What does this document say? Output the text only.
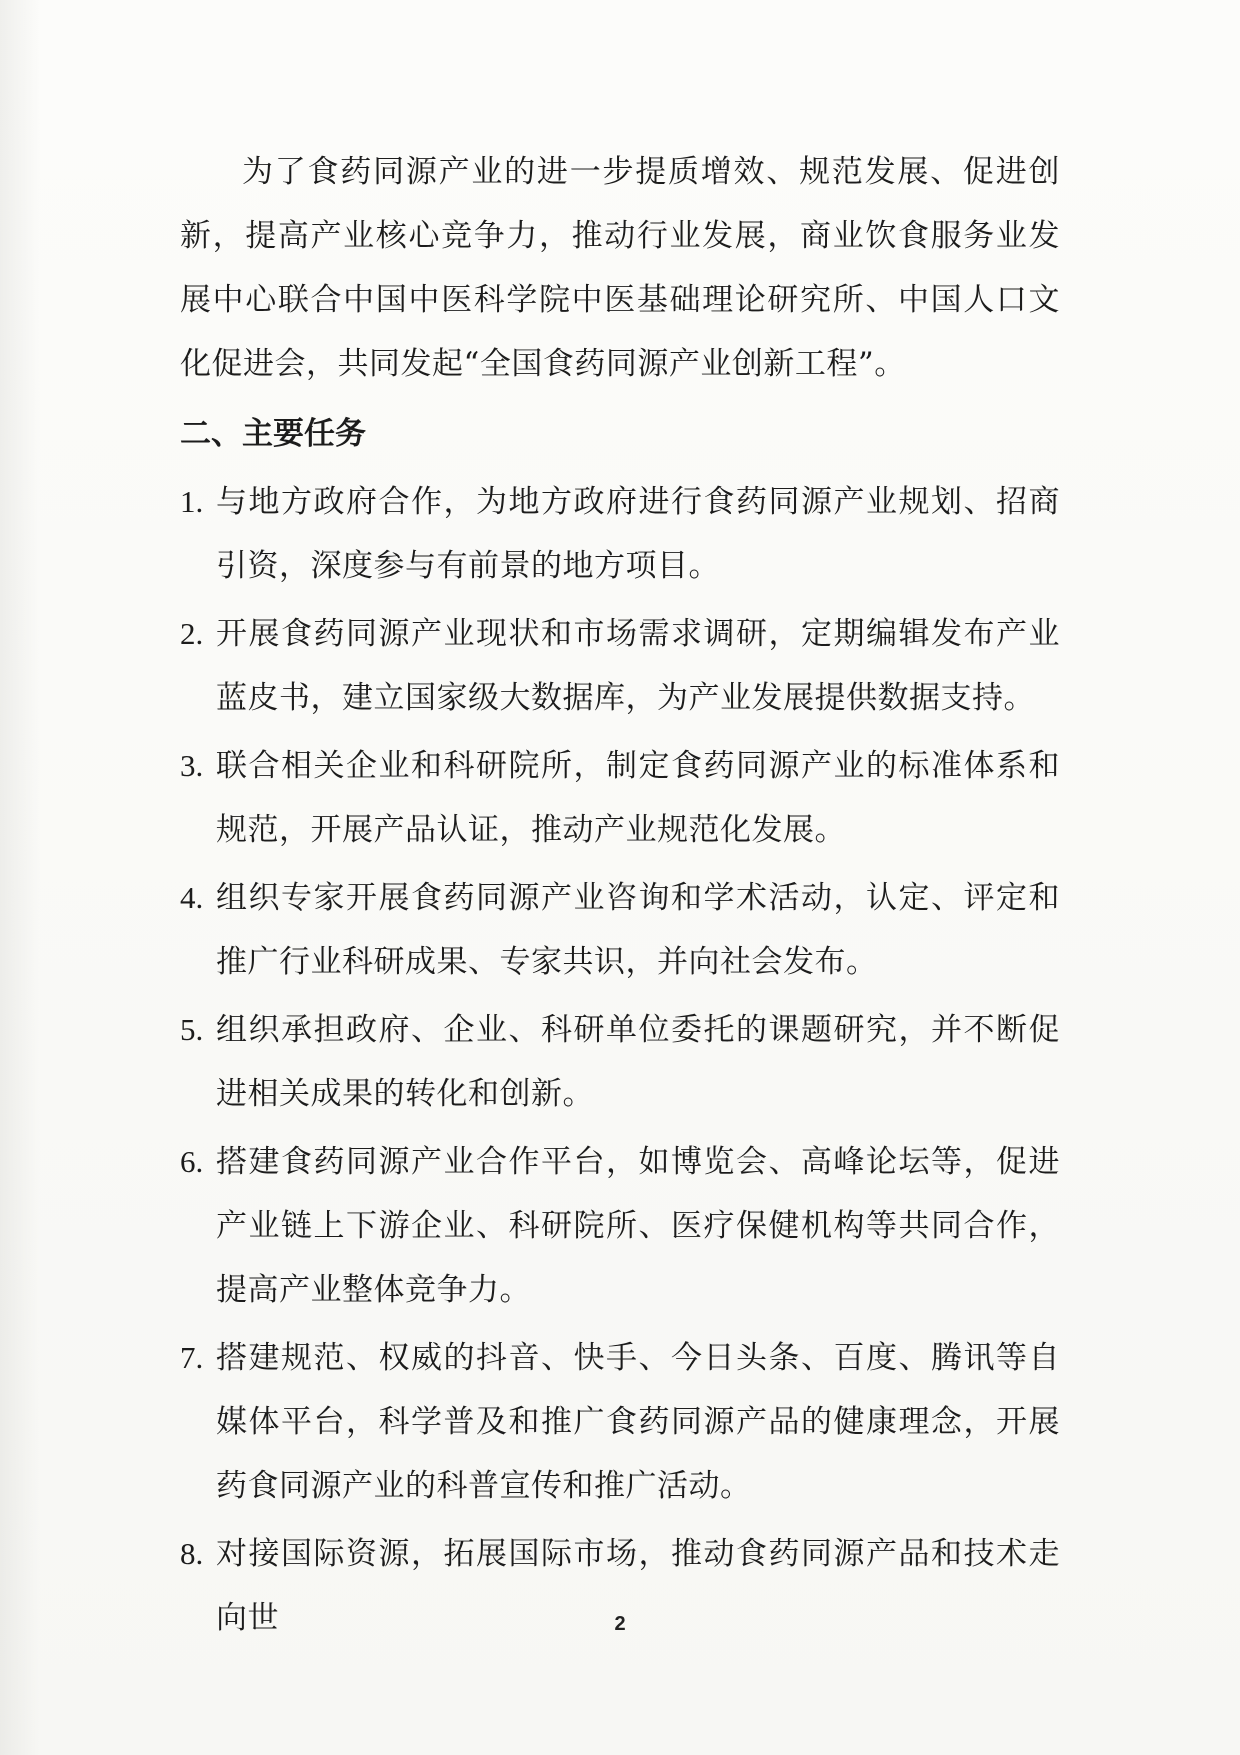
为了食药同源产业的进一步提质增效、规范发展、促进创新，提高产业核心竞争力，推动行业发展，商业饮食服务业发展中心联合中国中医科学院中医基础理论研究所、中国人口文化促进会，共同发起“全国食药同源产业创新工程”。

二、主要任务
1. 与地方政府合作，为地方政府进行食药同源产业规划、招商引资，深度参与有前景的地方项目。
2. 开展食药同源产业现状和市场需求调研，定期编辑发布产业蓝皮书，建立国家级大数据库，为产业发展提供数据支持。
3. 联合相关企业和科研院所，制定食药同源产业的标准体系和规范，开展产品认证，推动产业规范化发展。
4. 组织专家开展食药同源产业咨询和学术活动，认定、评定和推广行业科研成果、专家共识，并向社会发布。
5. 组织承担政府、企业、科研单位委托的课题研究，并不断促进相关成果的转化和创新。
6. 搭建食药同源产业合作平台，如博览会、高峰论坛等，促进产业链上下游企业、科研院所、医疗保健机构等共同合作，提高产业整体竞争力。
7. 搭建规范、权威的抖音、快手、今日头条、百度、腾讯等自媒体平台，科学普及和推广食药同源产品的健康理念，开展药食同源产业的科普宣传和推广活动。
8. 对接国际资源，拓展国际市场，推动食药同源产品和技术走向世	2
